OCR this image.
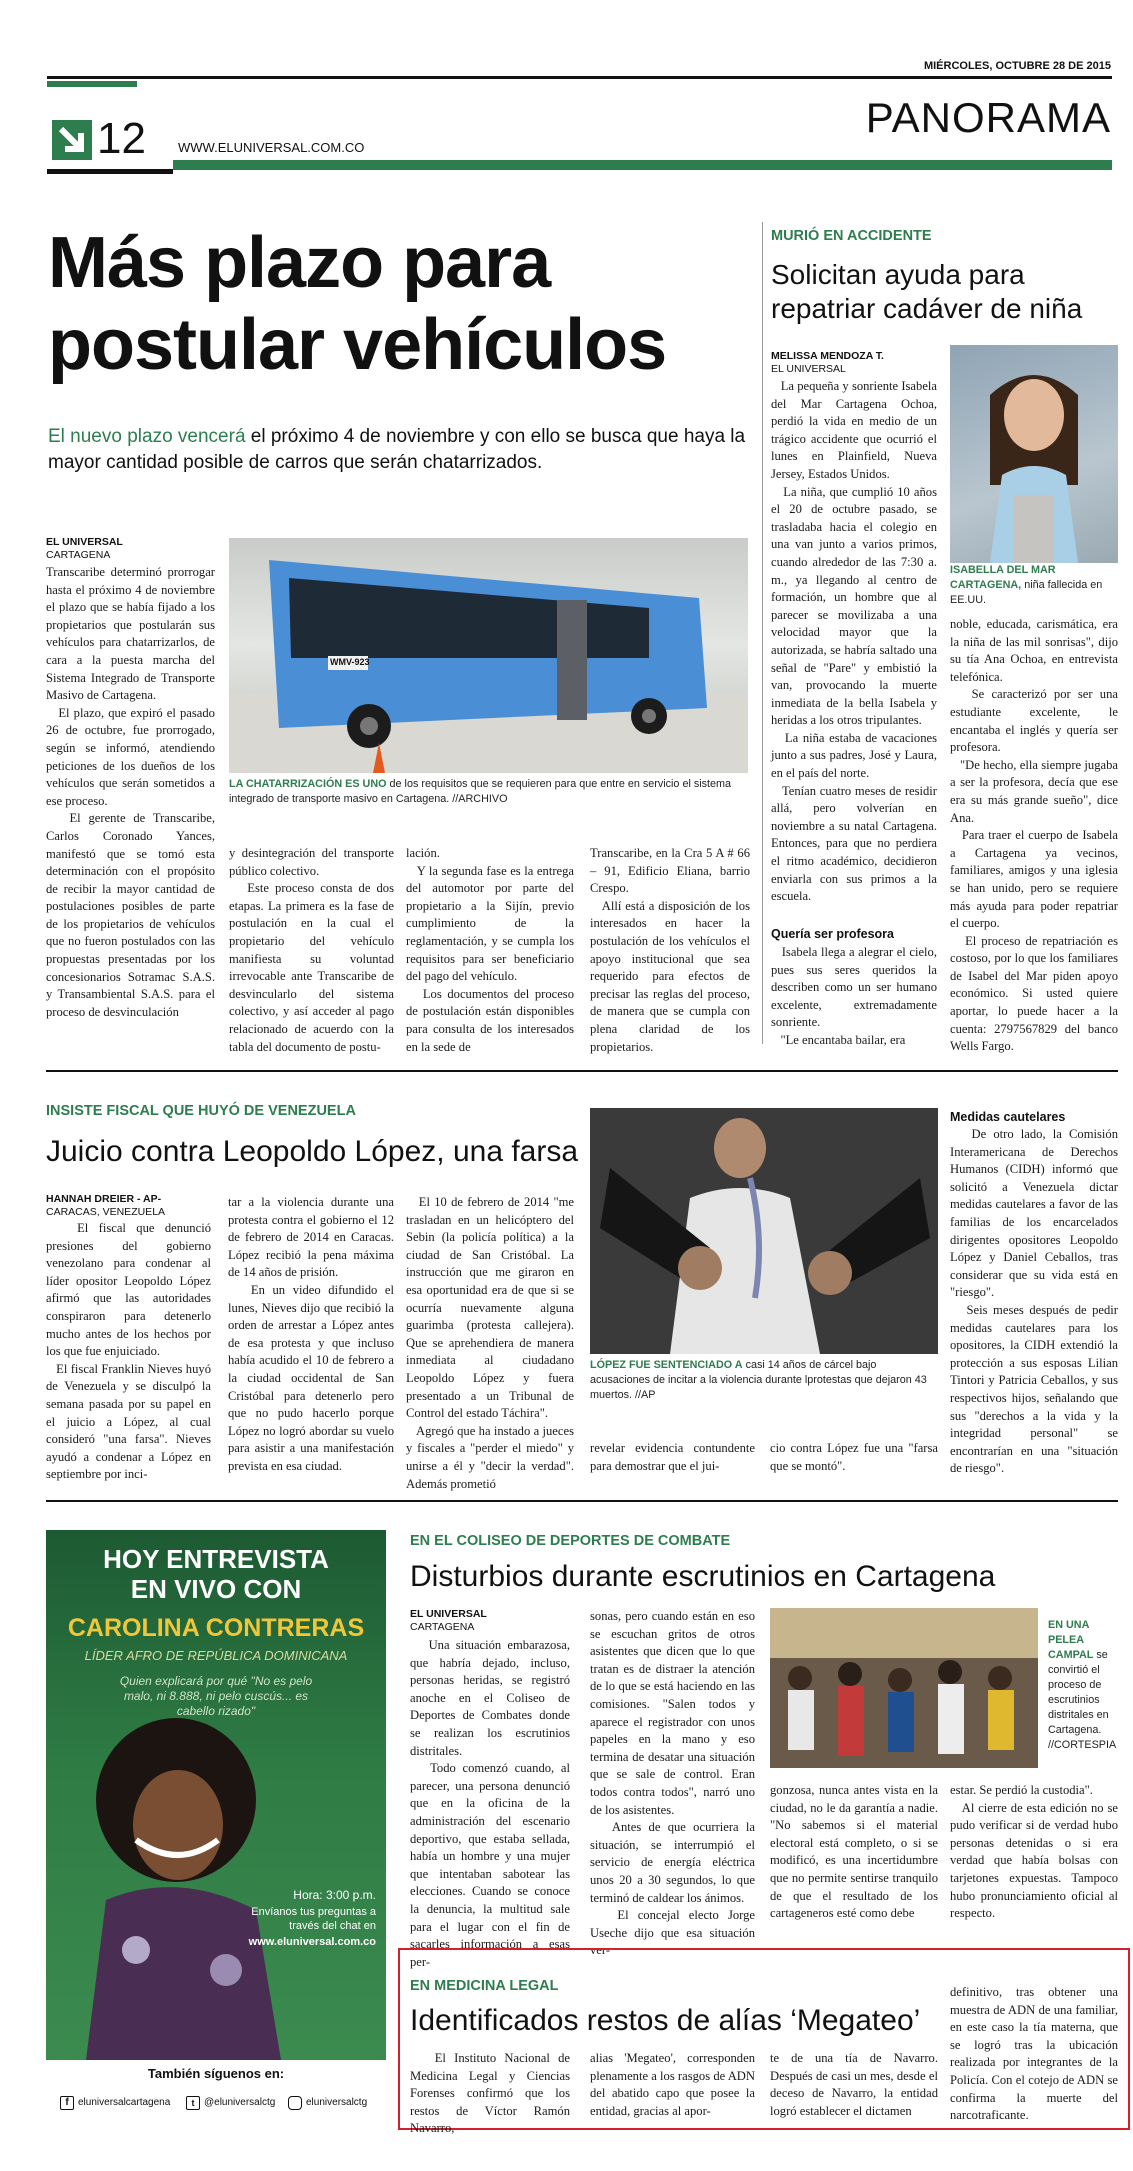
MIÉRCOLES, OCTUBRE 28 DE 2015
12 WWW.ELUNIVERSAL.COM.CO
PANORAMA
Más plazo para
postular vehículos
El nuevo plazo vencerá el próximo 4 de noviembre y con ello se busca que haya la mayor cantidad posible de carros que serán chatarrizados.
EL UNIVERSAL
CARTAGENA
WMV-923
LA CHATARRIZACIÓN ES UNO de los requisitos que se requieren para que entre en servicio el sistema integrado de transporte masivo en Cartagena. //ARCHIVO
Transcaribe determinó prorrogar hasta el próximo 4 de noviembre el plazo que se había fijado a los propietarios que postularán sus vehículos para chatarrizarlos, de cara a la puesta marcha del Sistema Integrado de Transporte Masivo de Cartagena.
El plazo, que expiró el pasado 26 de octubre, fue prorrogado, según se informó, atendiendo peticiones de los dueños de los vehículos que serán sometidos a ese proceso.
El gerente de Transcaribe, Carlos Coronado Yances, manifestó que se tomó esta determinación con el propósito de recibir la mayor cantidad de postulaciones posibles de parte de los propietarios de vehículos que no fueron postulados con las propuestas presentadas por los concesionarios Sotramac S.A.S. y Transambiental S.A.S. para el proceso de desvinculación
y desintegración del transporte público colectivo.
Este proceso consta de dos etapas. La primera es la fase de postulación en la cual el propietario del vehículo manifiesta su voluntad irrevocable ante Transcaribe de desvincularlo del sistema colectivo, y así acceder al pago relacionado de acuerdo con la tabla del documento de postu-
lación.
Y la segunda fase es la entrega del automotor por parte del propietario a la Sijín, previo cumplimiento de la reglamentación, y se cumpla los requisitos para ser beneficiario del pago del vehículo.
Los documentos del proceso de postulación están disponibles para consulta de los interesados en la sede de
Transcaribe, en la Cra 5 A # 66 – 91, Edificio Eliana, barrio Crespo.
Allí está a disposición de los interesados en hacer la postulación de los vehículos el apoyo institucional que sea requerido para efectos de precisar las reglas del proceso, de manera que se cumpla con plena claridad de los propietarios.
MURIÓ EN ACCIDENTE
Solicitan ayuda para repatriar cadáver de niña
MELISSA MENDOZA T.
EL UNIVERSAL
ISABELLA DEL MAR CARTAGENA, niña fallecida en EE.UU.
La pequeña y sonriente Isabela del Mar Cartagena Ochoa, perdió la vida en medio de un trágico accidente que ocurrió el lunes en Plainfield, Nueva Jersey, Estados Unidos.
La niña, que cumplió 10 años el 20 de octubre pasado, se trasladaba hacia el colegio en una van junto a varios primos, cuando alrededor de las 7:30 a. m., ya llegando al centro de formación, un hombre que al parecer se movilizaba a una velocidad mayor que la autorizada, se habría saltado una señal de "Pare" y embistió la van, provocando la muerte inmediata de la bella Isabela y heridas a los otros tripulantes.
La niña estaba de vacaciones junto a sus padres, José y Laura, en el país del norte.
Tenían cuatro meses de residir allá, pero volverían en noviembre a su natal Cartagena. Entonces, para que no perdiera el ritmo académico, decidieron enviarla con sus primos a la escuela.
Quería ser profesora
Isabela llega a alegrar el cielo, pues sus seres queridos la describen como un ser humano excelente, extremadamente sonriente.
"Le encantaba bailar, era
noble, educada, carismática, era la niña de las mil sonrisas", dijo su tía Ana Ochoa, en entrevista telefónica.
Se caracterizó por ser una estudiante excelente, le encantaba el inglés y quería ser profesora.
"De hecho, ella siempre jugaba a ser la profesora, decía que ese era su más grande sueño", dice Ana.
Para traer el cuerpo de Isabela a Cartagena ya vecinos, familiares, amigos y una iglesia se han unido, pero se requiere más ayuda para poder repatriar el cuerpo.
El proceso de repatriación es costoso, por lo que los familiares de Isabel del Mar piden apoyo económico. Si usted quiere aportar, lo puede hacer a la cuenta: 2797567829 del banco Wells Fargo.
INSISTE FISCAL QUE HUYÓ DE VENEZUELA
Juicio contra Leopoldo López, una farsa
HANNAH DREIER - AP-
CARACAS, VENEZUELA
El fiscal que denunció presiones del gobierno venezolano para condenar al líder opositor Leopoldo López afirmó que las autoridades conspiraron para detenerlo mucho antes de los hechos por los que fue enjuiciado.
El fiscal Franklin Nieves huyó de Venezuela y se disculpó la semana pasada por su papel en el juicio a López, al cual consideró "una farsa". Nieves ayudó a condenar a López en septiembre por inci-
tar a la violencia durante una protesta contra el gobierno el 12 de febrero de 2014 en Caracas. López recibió la pena máxima de 14 años de prisión.
En un video difundido el lunes, Nieves dijo que recibió la orden de arrestar a López antes de esa protesta y que incluso había acudido el 10 de febrero a la ciudad occidental de San Cristóbal para detenerlo pero que no pudo hacerlo porque López no logró abordar su vuelo para asistir a una manifestación prevista en esa ciudad.
El 10 de febrero de 2014 "me trasladan en un helicóptero del Sebin (la policía política) a la ciudad de San Cristóbal. La instrucción que me giraron en esa oportunidad era de que si se ocurría nuevamente alguna guarimba (protesta callejera). Que se aprehendiera de manera inmediata al ciudadano Leopoldo López y fuera presentado a un Tribunal de Control del estado Táchira".
Agregó que ha instado a jueces y fiscales a "perder el miedo" y unirse a él y "decir la verdad". Además prometió
LÓPEZ FUE SENTENCIADO A casi 14 años de cárcel bajo acusaciones de incitar a la violencia durante lprotestas que dejaron 43 muertos. //AP
revelar evidencia contundente para demostrar que el jui-
cio contra López fue una "farsa que se montó".
Medidas cautelares
De otro lado, la Comisión Interamericana de Derechos Humanos (CIDH) informó que solicitó a Venezuela dictar medidas cautelares a favor de las familias de los encarcelados dirigentes opositores Leopoldo López y Daniel Ceballos, tras considerar que su vida está en "riesgo".
Seis meses después de pedir medidas cautelares para los opositores, la CIDH extendió la protección a sus esposas Lilian Tintori y Patricia Ceballos, y sus respectivos hijos, señalando que sus "derechos a la vida y la integridad personal" se encontrarían en una "situación de riesgo".
HOY ENTREVISTA
EN VIVO CON
CAROLINA CONTRERAS
LÍDER AFRO DE REPÚBLICA DOMINICANA
Quien explicará por qué "No es pelo malo, ni 8.888, ni pelo cuscús... es cabello rizado"
Hora: 3:00 p.m.
Envíanos tus preguntas a través del chat en
www.eluniversal.com.co
También síguenos en:
f eluniversalcartagena	t @eluniversalctg	eluniversalctg
EN EL COLISEO DE DEPORTES DE COMBATE
Disturbios durante escrutinios en Cartagena
EL UNIVERSAL
CARTAGENA
Una situación embarazosa, que habría dejado, incluso, personas heridas, se registró anoche en el Coliseo de Deportes de Combates donde se realizan los escrutinios distritales.
Todo comenzó cuando, al parecer, una persona denunció que en la oficina de la administración del escenario deportivo, que estaba sellada, había un hombre y una mujer que intentaban sabotear las elecciones. Cuando se conoce la denuncia, la multitud sale para el lugar con el fin de sacarles información a esas per-
sonas, pero cuando están en eso se escuchan gritos de otros asistentes que dicen que lo que tratan es de distraer la atención de lo que se está haciendo en las comisiones. "Salen todos y aparece el registrador con unos papeles en la mano y eso termina de desatar una situación que se sale de control. Eran todos contra todos", narró uno de los asistentes.
Antes de que ocurriera la situación, se interrumpió el servicio de energía eléctrica unos 20 a 30 segundos, lo que terminó de caldear los ánimos.
El concejal electo Jorge Useche dijo que esa situación ver-
EN UNA PELEA CAMPAL se convirtió el proceso de escrutinios distritales en Cartagena. //CORTESPIA
gonzosa, nunca antes vista en la ciudad, no le da garantía a nadie. "No sabemos si el material electoral está completo, o si se modificó, es una incertidumbre que no permite sentirse tranquilo de que el resultado de los cartageneros esté como debe
estar. Se perdió la custodia".
Al cierre de esta edición no se pudo verificar si de verdad hubo personas detenidas o si era verdad que había bolsas con tarjetones expuestas. Tampoco hubo pronunciamiento oficial al respecto.
EN MEDICINA LEGAL
Identificados restos de alías ‘Megateo’
El Instituto Nacional de Medicina Legal y Ciencias Forenses confirmó que los restos de Víctor Ramón Navarro,
alias 'Megateo', corresponden plenamente a los rasgos de ADN del abatido capo que posee la entidad, gracias al apor-
te de una tía de Navarro. Después de casi un mes, desde el deceso de Navarro, la entidad logró establecer el dictamen
definitivo, tras obtener una muestra de ADN de una familiar, en este caso la tía materna, que se logró tras la ubicación realizada por integrantes de la Policía. Con el cotejo de ADN se confirma la muerte del narcotraficante.
